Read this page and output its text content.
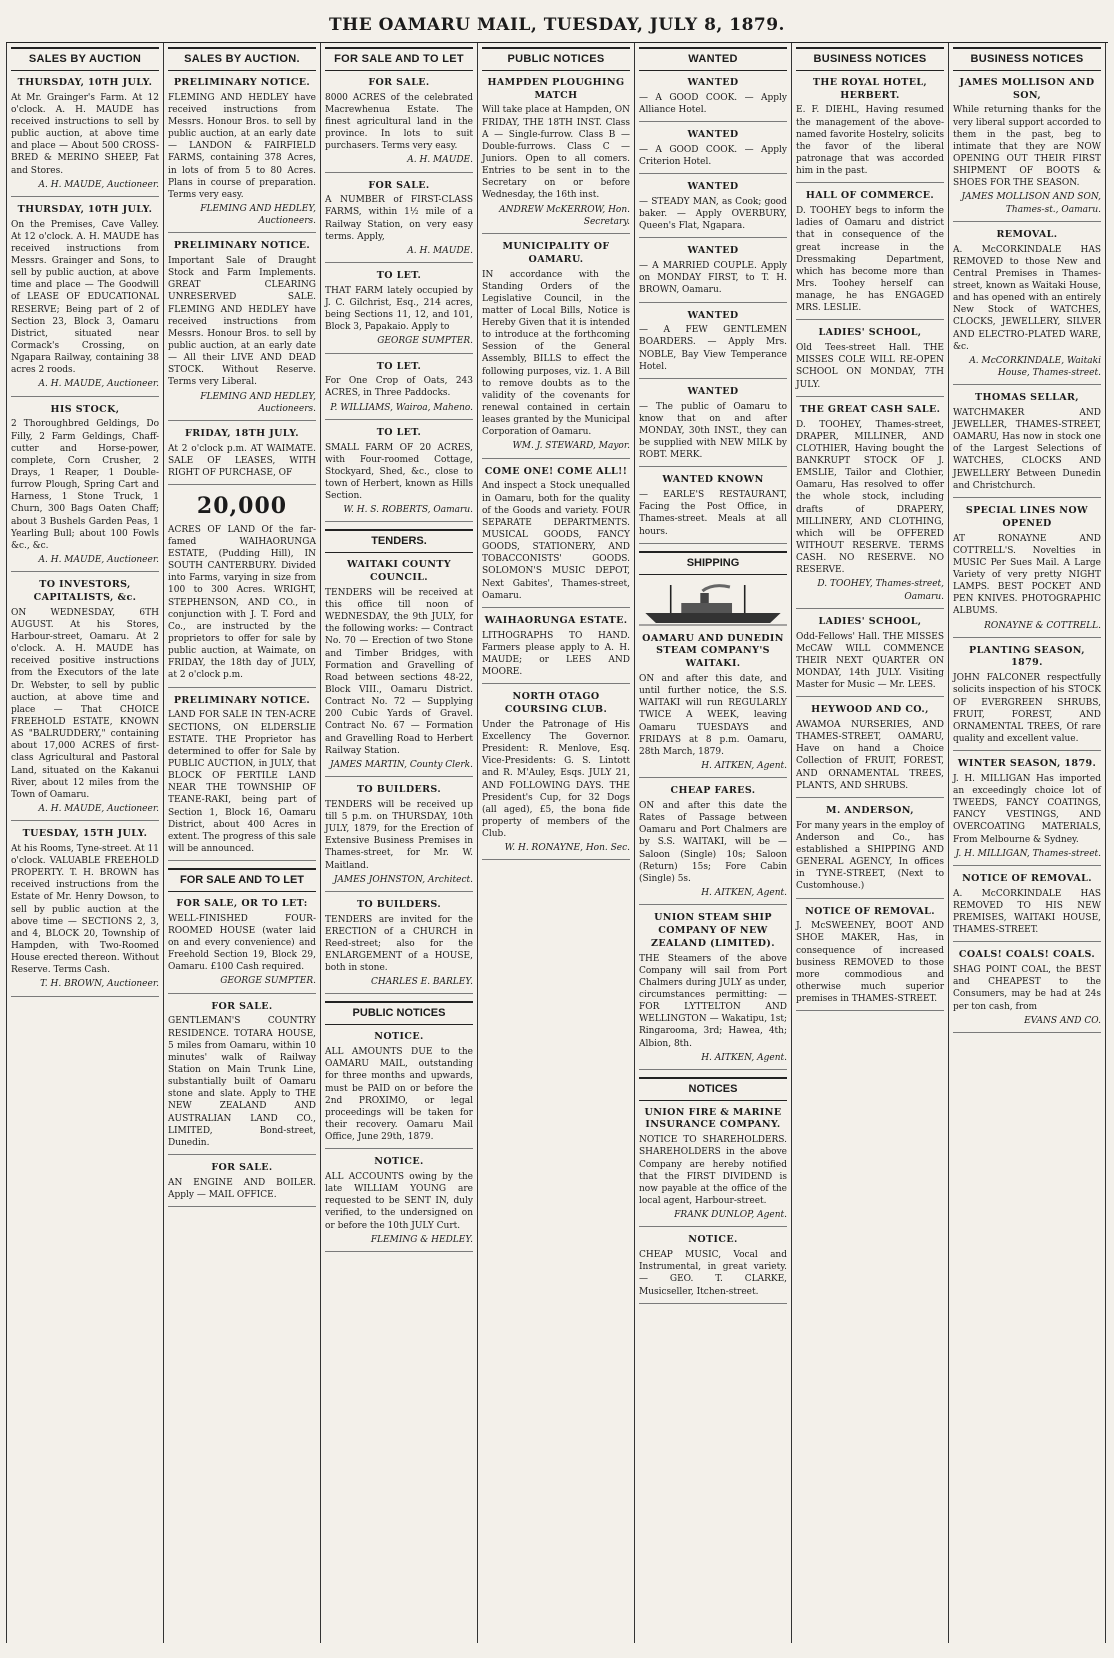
THE OAMARU MAIL, TUESDAY, JULY 8, 1879.
SALES BY AUCTION
THURSDAY, 10TH JULY.
At Mr. Grainger's Farm. At 12 o'clock. A. H. MAUDE has received instructions to sell by public auction, at above time and place — About 500 CROSS-BRED & MERINO SHEEP, Fat and Stores.
A. H. MAUDE, Auctioneer.
THURSDAY, 10TH JULY.
On the Premises, Cave Valley. At 12 o'clock. A. H. MAUDE has received instructions from Messrs. Grainger and Sons, to sell by public auction, at above time and place — The Goodwill of LEASE OF EDUCATIONAL RESERVE; Being part of 2 of Section 23, Block 3, Oamaru District, situated near Cormack's Crossing, on Ngapara Railway, containing 38 acres 2 roods.
A. H. MAUDE, Auctioneer.
HIS STOCK,
2 Thoroughbred Geldings, Do Filly, 2 Farm Geldings, Chaff-cutter and Horse-power, complete, Corn Crusher, 2 Drays, 1 Reaper, 1 Double-furrow Plough, Spring Cart and Harness, 1 Stone Truck, 1 Churn, 300 Bags Oaten Chaff; about 3 Bushels Garden Peas, 1 Yearling Bull; about 100 Fowls &c., &c.
A. H. MAUDE, Auctioneer.
TO INVESTORS, CAPITALISTS, &c.
ON WEDNESDAY, 6TH AUGUST. At his Stores, Harbour-street, Oamaru. At 2 o'clock. A. H. MAUDE has received positive instructions from the Executors of the late Dr. Webster, to sell by public auction, at above time and place — That CHOICE FREEHOLD ESTATE, KNOWN AS "BALRUDDERY," containing about 17,000 ACRES of first-class Agricultural and Pastoral Land, situated on the Kakanui River, about 12 miles from the Town of Oamaru.
A. H. MAUDE, Auctioneer.
TUESDAY, 15TH JULY.
At his Rooms, Tyne-street. At 11 o'clock. VALUABLE FREEHOLD PROPERTY. T. H. BROWN has received instructions from the Estate of Mr. Henry Dowson, to sell by public auction at the above time — SECTIONS 2, 3, and 4, BLOCK 20, Township of Hampden, with Two-Roomed House erected thereon. Without Reserve. Terms Cash.
T. H. BROWN, Auctioneer.
SALES BY AUCTION.
PRELIMINARY NOTICE.
FLEMING AND HEDLEY have received instructions from Messrs. Honour Bros. to sell by public auction, at an early date — LANDON & FAIRFIELD FARMS, containing 378 Acres, in lots of from 5 to 80 Acres. Plans in course of preparation. Terms very easy.
FLEMING AND HEDLEY, Auctioneers.
PRELIMINARY NOTICE.
Important Sale of Draught Stock and Farm Implements. GREAT CLEARING UNRESERVED SALE. FLEMING AND HEDLEY have received instructions from Messrs. Honour Bros. to sell by public auction, at an early date — All their LIVE AND DEAD STOCK. Without Reserve. Terms very Liberal.
FLEMING AND HEDLEY, Auctioneers.
FRIDAY, 18TH JULY.
At 2 o'clock p.m. AT WAIMATE. SALE OF LEASES, WITH RIGHT OF PURCHASE, OF
20,000
ACRES OF LAND Of the far-famed WAIHAORUNGA ESTATE, (Pudding Hill), IN SOUTH CANTERBURY. Divided into Farms, varying in size from 100 to 300 Acres. WRIGHT, STEPHENSON, AND CO., in conjunction with J. T. Ford and Co., are instructed by the proprietors to offer for sale by public auction, at Waimate, on FRIDAY, the 18th day of JULY, at 2 o'clock p.m.
PRELIMINARY NOTICE.
LAND FOR SALE IN TEN-ACRE SECTIONS, ON ELDERSLIE ESTATE. THE Proprietor has determined to offer for Sale by PUBLIC AUCTION, in JULY, that BLOCK OF FERTILE LAND NEAR THE TOWNSHIP OF TEANE-RAKI, being part of Section 1, Block 16, Oamaru District, about 400 Acres in extent. The progress of this sale will be announced.
FOR SALE AND TO LET
FOR SALE, OR TO LET:
WELL-FINISHED FOUR-ROOMED HOUSE (water laid on and every convenience) and Freehold Section 19, Block 29, Oamaru. £100 Cash required.
GEORGE SUMPTER.
FOR SALE.
GENTLEMAN'S COUNTRY RESIDENCE. TOTARA HOUSE, 5 miles from Oamaru, within 10 minutes' walk of Railway Station on Main Trunk Line, substantially built of Oamaru stone and slate. Apply to THE NEW ZEALAND AND AUSTRALIAN LAND CO., LIMITED, Bond-street, Dunedin.
FOR SALE.
AN ENGINE AND BOILER. Apply — MAIL OFFICE.
FOR SALE AND TO LET
FOR SALE.
8000 ACRES of the celebrated Macrewhenua Estate. The finest agricultural land in the province. In lots to suit purchasers. Terms very easy.
A. H. MAUDE.
FOR SALE.
A NUMBER of FIRST-CLASS FARMS, within 1½ mile of a Railway Station, on very easy terms. Apply,
A. H. MAUDE.
TO LET.
THAT FARM lately occupied by J. C. Gilchrist, Esq., 214 acres, being Sections 11, 12, and 101, Block 3, Papakaio. Apply to
GEORGE SUMPTER.
TO LET.
For One Crop of Oats, 243 ACRES, in Three Paddocks.
P. WILLIAMS, Wairoa, Maheno.
TO LET.
SMALL FARM OF 20 ACRES, with Four-roomed Cottage, Stockyard, Shed, &c., close to town of Herbert, known as Hills Section.
W. H. S. ROBERTS, Oamaru.
TENDERS.
WAITAKI COUNTY COUNCIL.
TENDERS will be received at this office till noon of WEDNESDAY, the 9th JULY, for the following works: — Contract No. 70 — Erection of two Stone and Timber Bridges, with Formation and Gravelling of Road between sections 48-22, Block VIII., Oamaru District. Contract No. 72 — Supplying 200 Cubic Yards of Gravel. Contract No. 67 — Formation and Gravelling Road to Herbert Railway Station.
JAMES MARTIN, County Clerk.
TO BUILDERS.
TENDERS will be received up till 5 p.m. on THURSDAY, 10th JULY, 1879, for the Erection of Extensive Business Premises in Thames-street, for Mr. W. Maitland.
JAMES JOHNSTON, Architect.
TO BUILDERS.
TENDERS are invited for the ERECTION of a CHURCH in Reed-street; also for the ENLARGEMENT of a HOUSE, both in stone.
CHARLES E. BARLEY.
PUBLIC NOTICES
NOTICE.
ALL AMOUNTS DUE to the OAMARU MAIL, outstanding for three months and upwards, must be PAID on or before the 2nd PROXIMO, or legal proceedings will be taken for their recovery. Oamaru Mail Office, June 29th, 1879.
NOTICE.
ALL ACCOUNTS owing by the late WILLIAM YOUNG are requested to be SENT IN, duly verified, to the undersigned on or before the 10th JULY Curt.
FLEMING & HEDLEY.
PUBLIC NOTICES
HAMPDEN PLOUGHING MATCH
Will take place at Hampden, ON FRIDAY, THE 18TH INST. Class A — Single-furrow. Class B — Double-furrows. Class C — Juniors. Open to all comers. Entries to be sent in to the Secretary on or before Wednesday, the 16th inst.
ANDREW McKERROW, Hon. Secretary.
MUNICIPALITY OF OAMARU.
IN accordance with the Standing Orders of the Legislative Council, in the matter of Local Bills, Notice is Hereby Given that it is intended to introduce at the forthcoming Session of the General Assembly, BILLS to effect the following purposes, viz. 1. A Bill to remove doubts as to the validity of the covenants for renewal contained in certain leases granted by the Municipal Corporation of Oamaru.
WM. J. STEWARD, Mayor.
COME ONE! COME ALL!!
And inspect a Stock unequalled in Oamaru, both for the quality of the Goods and variety. FOUR SEPARATE DEPARTMENTS. MUSICAL GOODS, FANCY GOODS, STATIONERY, AND TOBACCONISTS' GOODS. SOLOMON'S MUSIC DEPOT, Next Gabites', Thames-street, Oamaru.
WAIHAORUNGA ESTATE.
LITHOGRAPHS TO HAND. Farmers please apply to A. H. MAUDE; or LEES AND MOORE.
NORTH OTAGO COURSING CLUB.
Under the Patronage of His Excellency The Governor. President: R. Menlove, Esq. Vice-Presidents: G. S. Lintott and R. M'Auley, Esqs. JULY 21, AND FOLLOWING DAYS. THE President's Cup, for 32 Dogs (all aged), £5, the bona fide property of members of the Club.
W. H. RONAYNE, Hon. Sec.
WANTED
WANTED
— A GOOD COOK. — Apply Alliance Hotel.
WANTED
— A GOOD COOK. — Apply Criterion Hotel.
WANTED
— STEADY MAN, as Cook; good baker. — Apply OVERBURY, Queen's Flat, Ngapara.
WANTED
— A MARRIED COUPLE. Apply on MONDAY FIRST, to T. H. BROWN, Oamaru.
WANTED
— A FEW GENTLEMEN BOARDERS. — Apply Mrs. NOBLE, Bay View Temperance Hotel.
WANTED
— The public of Oamaru to know that on and after MONDAY, 30th INST., they can be supplied with NEW MILK by ROBT. MERK.
WANTED KNOWN
— EARLE'S RESTAURANT, Facing the Post Office, in Thames-street. Meals at all hours.
SHIPPING
OAMARU AND DUNEDIN STEAM COMPANY'S WAITAKI.
ON and after this date, and until further notice, the S.S. WAITAKI will run REGULARLY TWICE A WEEK, leaving Oamaru TUESDAYS and FRIDAYS at 8 p.m. Oamaru, 28th March, 1879.
H. AITKEN, Agent.
CHEAP FARES.
ON and after this date the Rates of Passage between Oamaru and Port Chalmers are by S.S. WAITAKI, will be — Saloon (Single) 10s; Saloon (Return) 15s; Fore Cabin (Single) 5s.
H. AITKEN, Agent.
UNION STEAM SHIP COMPANY OF NEW ZEALAND (LIMITED).
THE Steamers of the above Company will sail from Port Chalmers during JULY as under, circumstances permitting: — FOR LYTTELTON AND WELLINGTON — Wakatipu, 1st; Ringarooma, 3rd; Hawea, 4th; Albion, 8th.
H. AITKEN, Agent.
NOTICES
UNION FIRE & MARINE INSURANCE COMPANY.
NOTICE TO SHAREHOLDERS. SHAREHOLDERS in the above Company are hereby notified that the FIRST DIVIDEND is now payable at the office of the local agent, Harbour-street.
FRANK DUNLOP, Agent.
NOTICE.
CHEAP MUSIC, Vocal and Instrumental, in great variety. — GEO. T. CLARKE, Musicseller, Itchen-street.
BUSINESS NOTICES
THE ROYAL HOTEL, HERBERT.
E. F. DIEHL, Having resumed the management of the above-named favorite Hostelry, solicits the favor of the liberal patronage that was accorded him in the past.
HALL OF COMMERCE.
D. TOOHEY begs to inform the ladies of Oamaru and district that in consequence of the great increase in the Dressmaking Department, which has become more than Mrs. Toohey herself can manage, he has ENGAGED MRS. LESLIE.
LADIES' SCHOOL,
Old Tees-street Hall. THE MISSES COLE WILL RE-OPEN SCHOOL ON MONDAY, 7TH JULY.
THE GREAT CASH SALE.
D. TOOHEY, Thames-street, DRAPER, MILLINER, AND CLOTHIER, Having bought the BANKRUPT STOCK OF J. EMSLIE, Tailor and Clothier, Oamaru, Has resolved to offer the whole stock, including drafts of DRAPERY, MILLINERY, AND CLOTHING, which will be OFFERED WITHOUT RESERVE. TERMS CASH. NO RESERVE. NO RESERVE.
D. TOOHEY, Thames-street, Oamaru.
LADIES' SCHOOL,
Odd-Fellows' Hall. THE MISSES McCAW WILL COMMENCE THEIR NEXT QUARTER ON MONDAY, 14th JULY. Visiting Master for Music — Mr. LEES.
HEYWOOD AND CO.,
AWAMOA NURSERIES, AND THAMES-STREET, OAMARU, Have on hand a Choice Collection of FRUIT, FOREST, AND ORNAMENTAL TREES, PLANTS, AND SHRUBS.
M. ANDERSON,
For many years in the employ of Anderson and Co., has established a SHIPPING AND GENERAL AGENCY, In offices in TYNE-STREET, (Next to Customhouse.)
NOTICE OF REMOVAL.
J. McSWEENEY, BOOT AND SHOE MAKER, Has, in consequence of increased business REMOVED to those more commodious and otherwise much superior premises in THAMES-STREET.
BUSINESS NOTICES
JAMES MOLLISON AND SON,
While returning thanks for the very liberal support accorded to them in the past, beg to intimate that they are NOW OPENING OUT THEIR FIRST SHIPMENT OF BOOTS & SHOES FOR THE SEASON.
JAMES MOLLISON AND SON, Thames-st., Oamaru.
REMOVAL.
A. McCORKINDALE HAS REMOVED to those New and Central Premises in Thames-street, known as Waitaki House, and has opened with an entirely New Stock of WATCHES, CLOCKS, JEWELLERY, SILVER AND ELECTRO-PLATED WARE, &c.
A. McCORKINDALE, Waitaki House, Thames-street.
THOMAS SELLAR,
WATCHMAKER AND JEWELLER, THAMES-STREET, OAMARU, Has now in stock one of the Largest Selections of WATCHES, CLOCKS AND JEWELLERY Between Dunedin and Christchurch.
SPECIAL LINES NOW OPENED
AT RONAYNE AND COTTRELL'S. Novelties in MUSIC Per Sues Mail. A Large Variety of very pretty NIGHT LAMPS. BEST POCKET AND PEN KNIVES. PHOTOGRAPHIC ALBUMS.
RONAYNE & COTTRELL.
PLANTING SEASON, 1879.
JOHN FALCONER respectfully solicits inspection of his STOCK OF EVERGREEN SHRUBS, FRUIT, FOREST, AND ORNAMENTAL TREES, Of rare quality and excellent value.
WINTER SEASON, 1879.
J. H. MILLIGAN Has imported an exceedingly choice lot of TWEEDS, FANCY COATINGS, FANCY VESTINGS, AND OVERCOATING MATERIALS, From Melbourne & Sydney.
J. H. MILLIGAN, Thames-street.
NOTICE OF REMOVAL.
A. McCORKINDALE HAS REMOVED TO HIS NEW PREMISES, WAITAKI HOUSE, THAMES-STREET.
COALS! COALS! COALS.
SHAG POINT COAL, the BEST and CHEAPEST to the Consumers, may be had at 24s per ton cash, from
EVANS AND CO.
